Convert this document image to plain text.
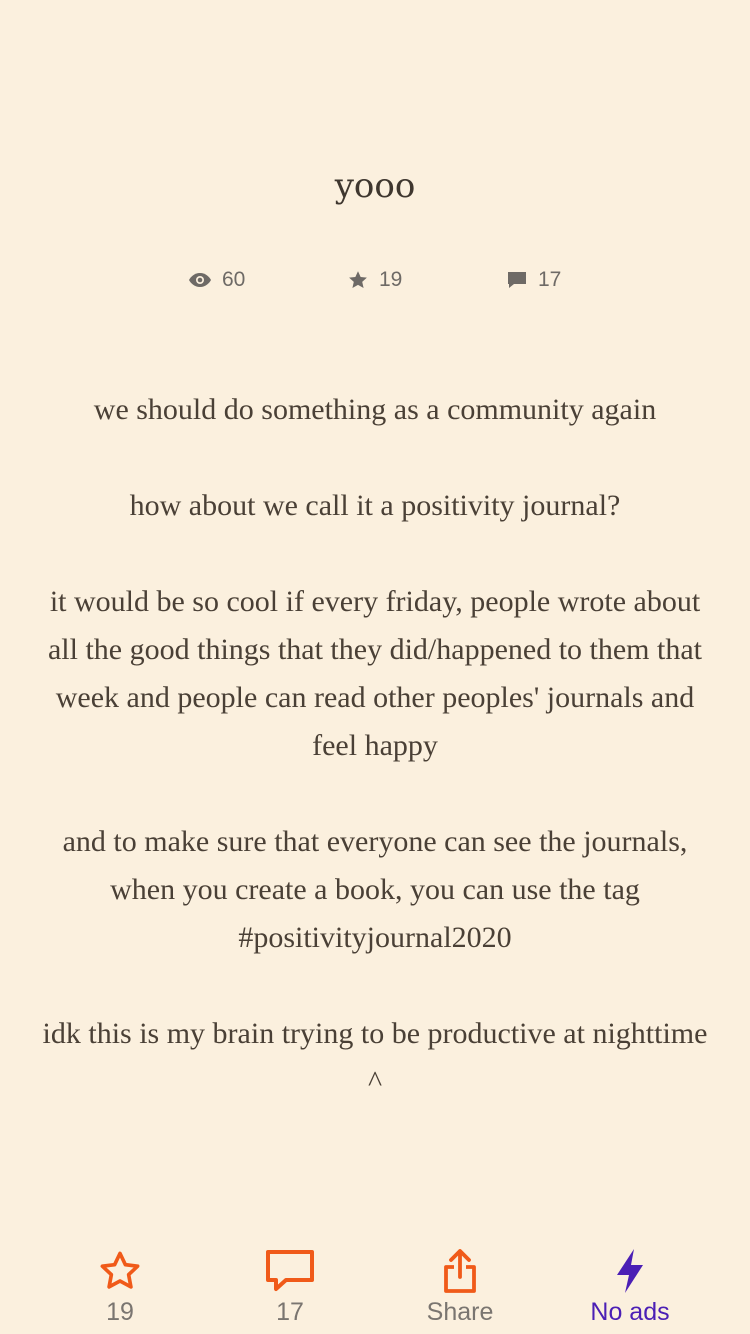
yooo
60	19	17

we should do something as a community again

how about we call it a positivity journal?

it would be so cool if every friday, people wrote about all the good things that they did/happened to them that week and people can read other peoples' journals and feel happy

and to make sure that everyone can see the journals, when you create a book, you can use the tag #positivityjournal2020

idk this is my brain trying to be productive at nighttime ^

19	17	Share	No ads
